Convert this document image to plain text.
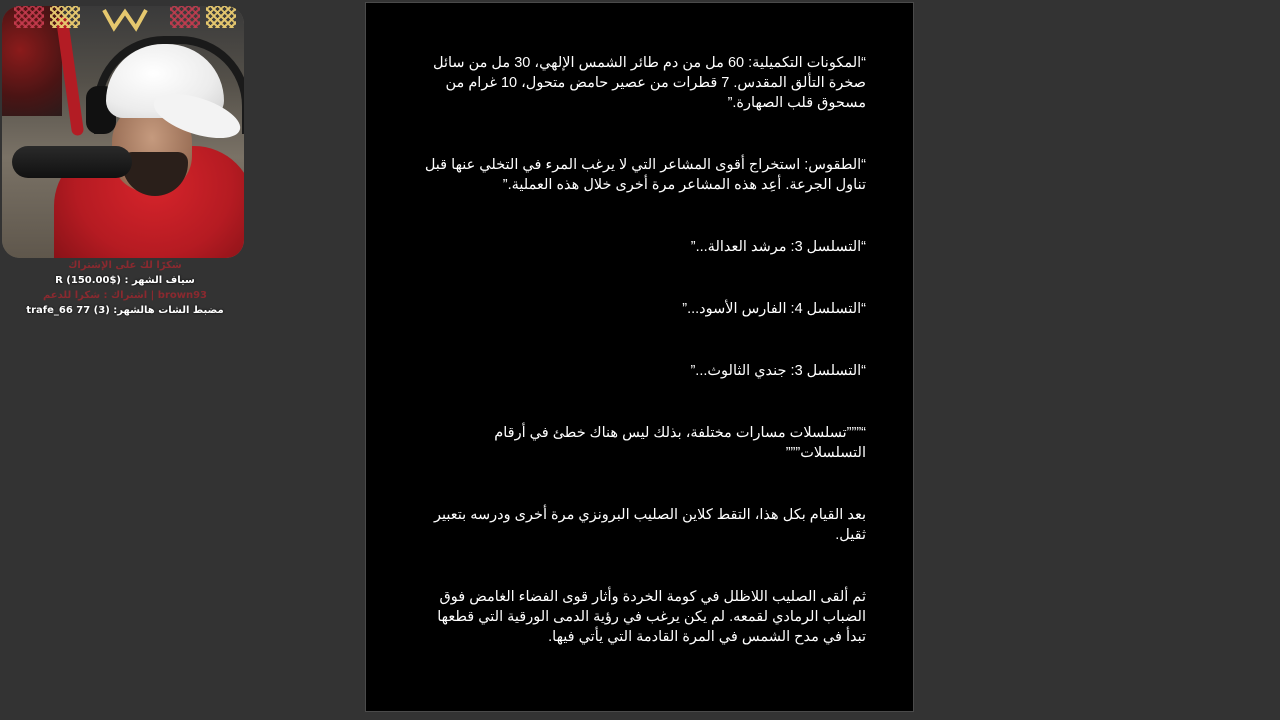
شكرًا لك على الإشتراك
سياف الشهر : ($150.00) R
brown93 | اشتراك : شكرا للدعم
مضبط الشات هالشهر: (3) trafe_66 77

“المكونات التكميلية: 60 مل من دم طائر الشمس الإلهي، 30 مل من سائل صخرة التألق المقدس. 7 قطرات من عصير حامض متحول، 10 غرام من مسحوق قلب الصهارة.”

“الطقوس: استخراج أقوى المشاعر التي لا يرغب المرء في التخلي عنها قبل تناول الجرعة. أعِد هذه المشاعر مرة أخرى خلال هذه العملية.”

“التسلسل 3: مرشد العدالة...”

“التسلسل 4: الفارس الأسود...”

“التسلسل 3: جندي الثالوث...”

“”””تسلسلات مسارات مختلفة، بذلك ليس هناك خطئ في أرقام التسلسلات”””

بعد القيام بكل هذا، التقط كلاين الصليب البرونزي مرة أخرى ودرسه بتعبير ثقيل.

ثم ألقى الصليب اللاظلل في كومة الخردة وأثار قوى الفضاء الغامض فوق الضباب الرمادي لقمعه. لم يكن يرغب في رؤية الدمى الورقية التي قطعها تبدأ في مدح الشمس في المرة القادمة التي يأتي فيها.
